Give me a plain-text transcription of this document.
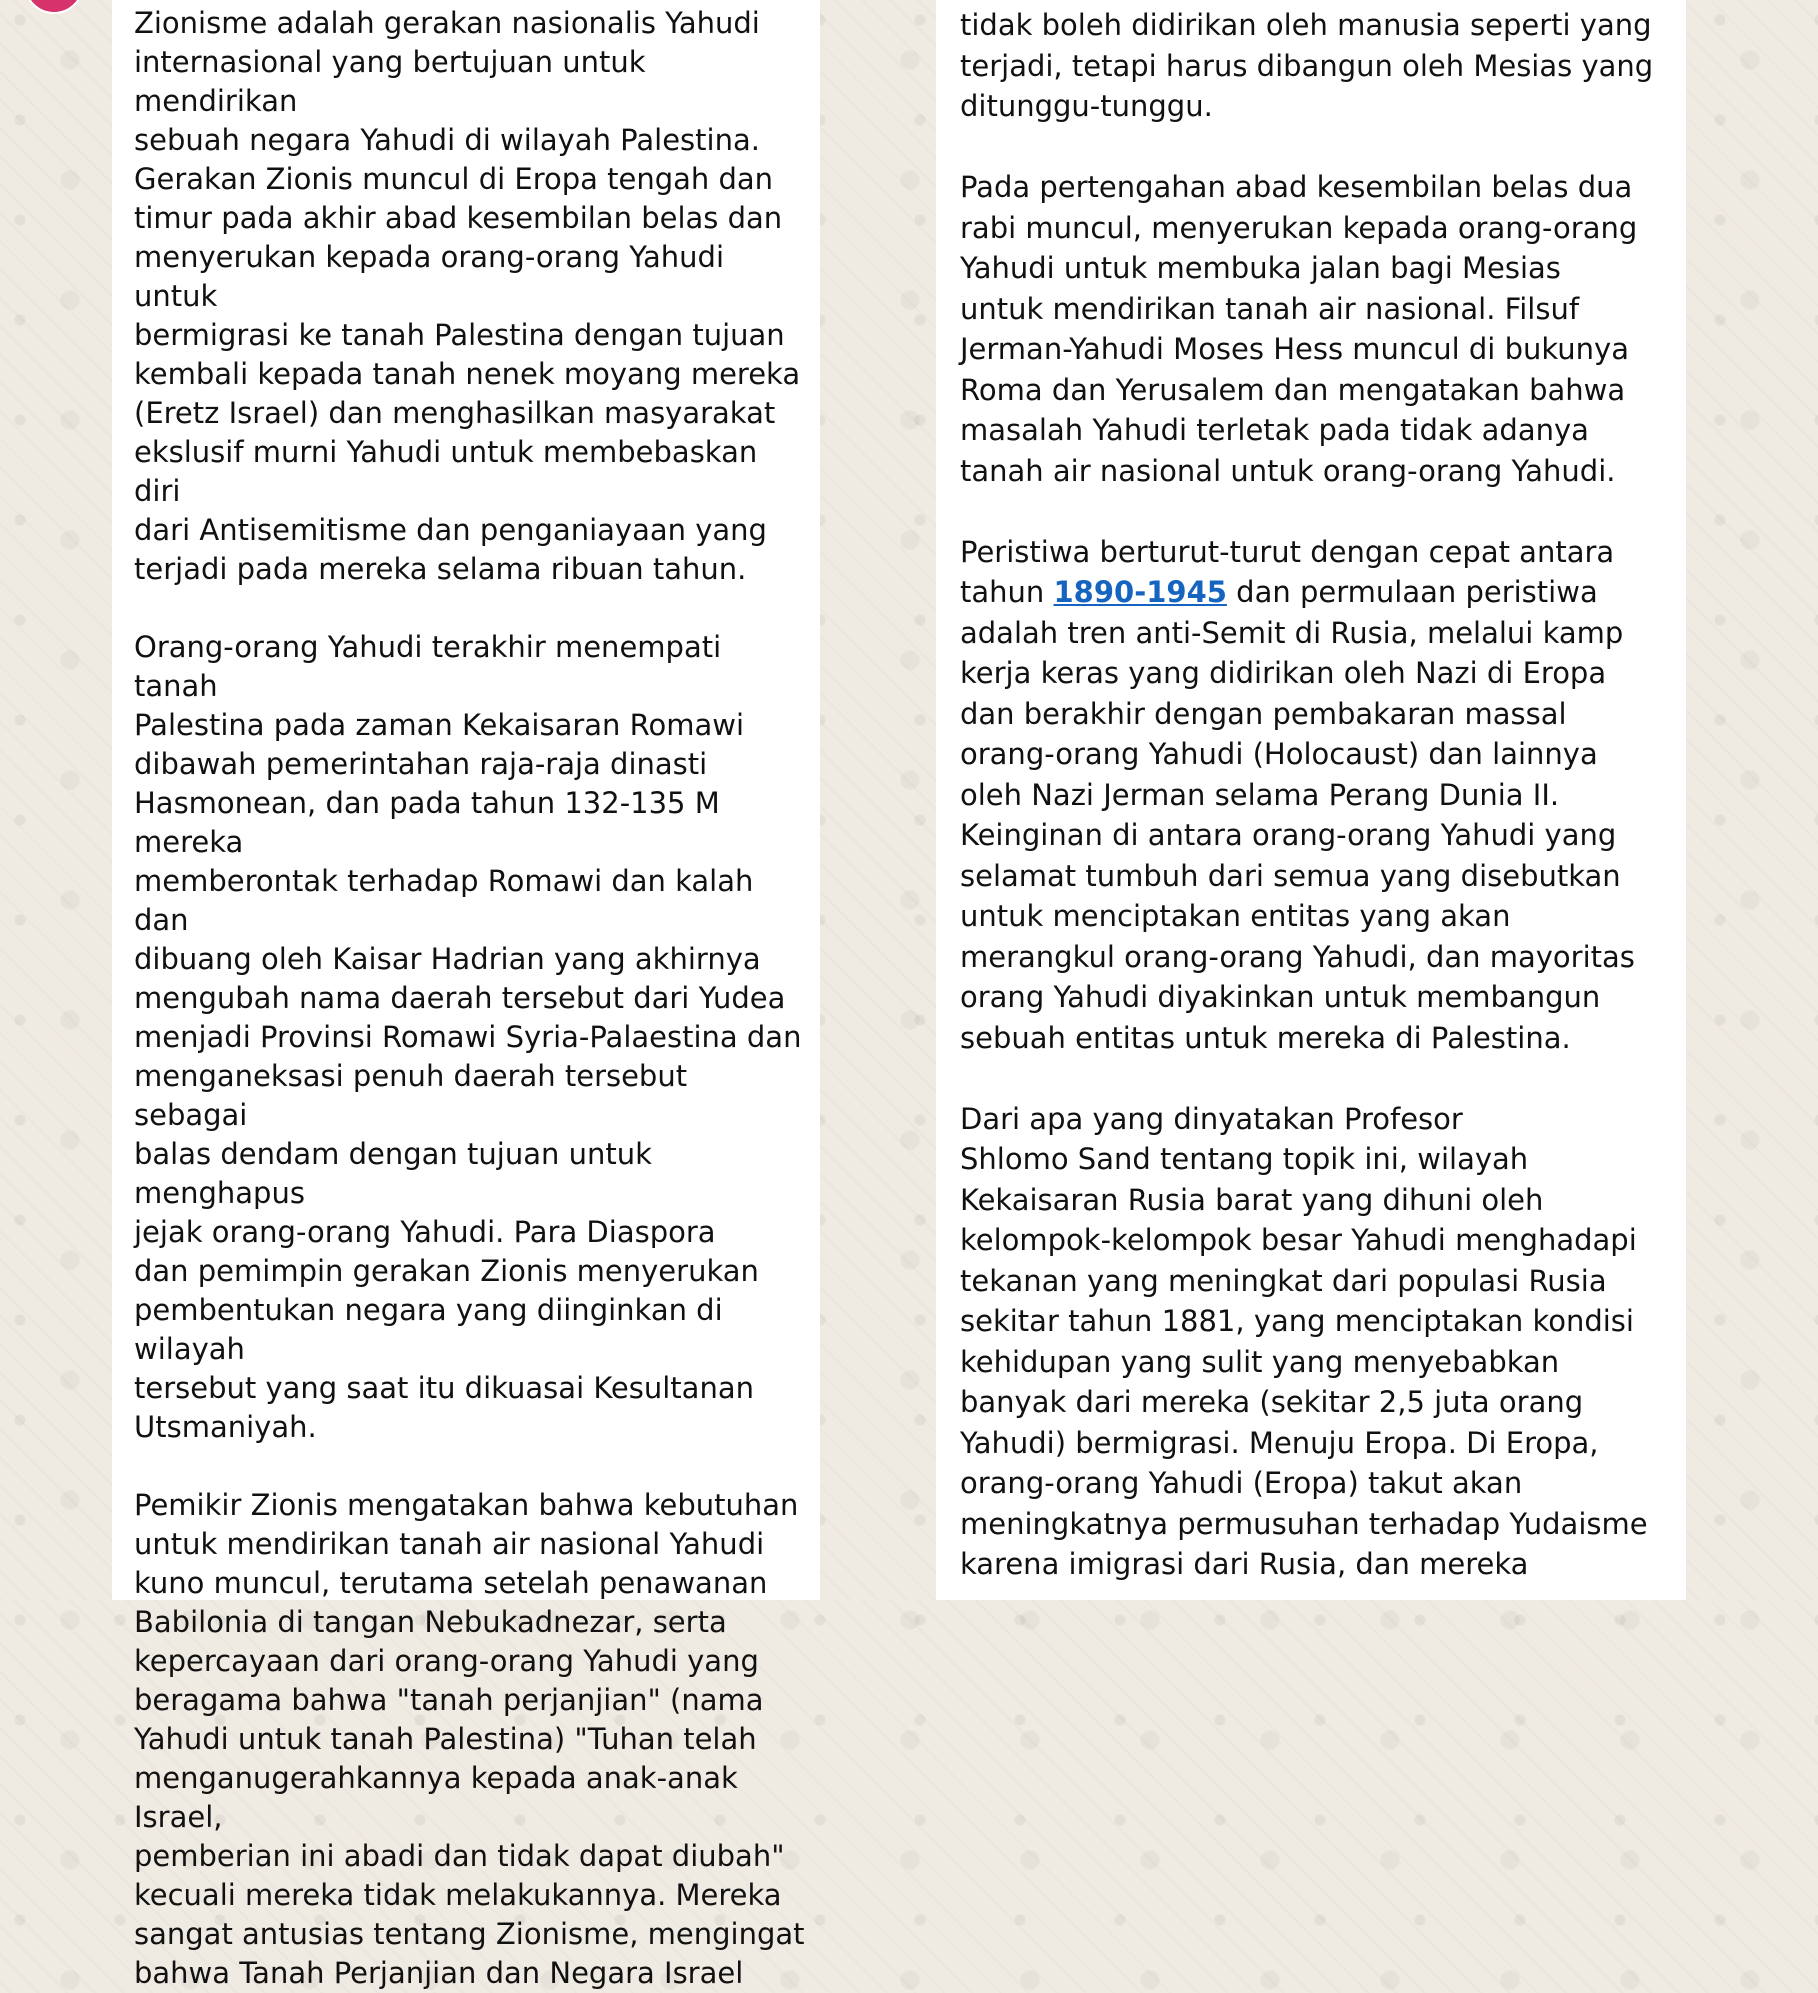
Zionisme adalah gerakan nasionalis Yahudi
internasional yang bertujuan untuk mendirikan
sebuah negara Yahudi di wilayah Palestina.
Gerakan Zionis muncul di Eropa tengah dan
timur pada akhir abad kesembilan belas dan
menyerukan kepada orang-orang Yahudi untuk
bermigrasi ke tanah Palestina dengan tujuan
kembali kepada tanah nenek moyang mereka
(Eretz Israel) dan menghasilkan masyarakat
ekslusif murni Yahudi untuk membebaskan diri
dari Antisemitisme dan penganiayaan yang
terjadi pada mereka selama ribuan tahun.

Orang-orang Yahudi terakhir menempati tanah
Palestina pada zaman Kekaisaran Romawi
dibawah pemerintahan raja-raja dinasti
Hasmonean, dan pada tahun 132-135 M mereka
memberontak terhadap Romawi dan kalah dan
dibuang oleh Kaisar Hadrian yang akhirnya
mengubah nama daerah tersebut dari Yudea
menjadi Provinsi Romawi Syria-Palaestina dan
menganeksasi penuh daerah tersebut sebagai
balas dendam dengan tujuan untuk menghapus
jejak orang-orang Yahudi. Para Diaspora
dan pemimpin gerakan Zionis menyerukan
pembentukan negara yang diinginkan di wilayah
tersebut yang saat itu dikuasai Kesultanan
Utsmaniyah.

Pemikir Zionis mengatakan bahwa kebutuhan
untuk mendirikan tanah air nasional Yahudi
kuno muncul, terutama setelah penawanan
Babilonia di tangan Nebukadnezar, serta
kepercayaan dari orang-orang Yahudi yang
beragama bahwa "tanah perjanjian" (nama
Yahudi untuk tanah Palestina) "Tuhan telah
menganugerahkannya kepada anak-anak Israel,
pemberian ini abadi dan tidak dapat diubah"
kecuali mereka tidak melakukannya. Mereka
sangat antusias tentang Zionisme, mengingat
bahwa Tanah Perjanjian dan Negara Israel

tidak boleh didirikan oleh manusia seperti yang
terjadi, tetapi harus dibangun oleh Mesias yang
ditunggu-tunggu.

Pada pertengahan abad kesembilan belas dua
rabi muncul, menyerukan kepada orang-orang
Yahudi untuk membuka jalan bagi Mesias
untuk mendirikan tanah air nasional. Filsuf
Jerman-Yahudi Moses Hess muncul di bukunya
Roma dan Yerusalem dan mengatakan bahwa
masalah Yahudi terletak pada tidak adanya
tanah air nasional untuk orang-orang Yahudi.

Peristiwa berturut-turut dengan cepat antara
tahun 1890-1945 dan permulaan peristiwa
adalah tren anti-Semit di Rusia, melalui kamp
kerja keras yang didirikan oleh Nazi di Eropa
dan berakhir dengan pembakaran massal
orang-orang Yahudi (Holocaust) dan lainnya
oleh Nazi Jerman selama Perang Dunia II.
Keinginan di antara orang-orang Yahudi yang
selamat tumbuh dari semua yang disebutkan
untuk menciptakan entitas yang akan
merangkul orang-orang Yahudi, dan mayoritas
orang Yahudi diyakinkan untuk membangun
sebuah entitas untuk mereka di Palestina.

Dari apa yang dinyatakan Profesor
Shlomo Sand tentang topik ini, wilayah
Kekaisaran Rusia barat yang dihuni oleh
kelompok-kelompok besar Yahudi menghadapi
tekanan yang meningkat dari populasi Rusia
sekitar tahun 1881, yang menciptakan kondisi
kehidupan yang sulit yang menyebabkan
banyak dari mereka (sekitar 2,5 juta orang
Yahudi) bermigrasi. Menuju Eropa. Di Eropa,
orang-orang Yahudi (Eropa) takut akan
meningkatnya permusuhan terhadap Yudaisme
karena imigrasi dari Rusia, dan mereka
